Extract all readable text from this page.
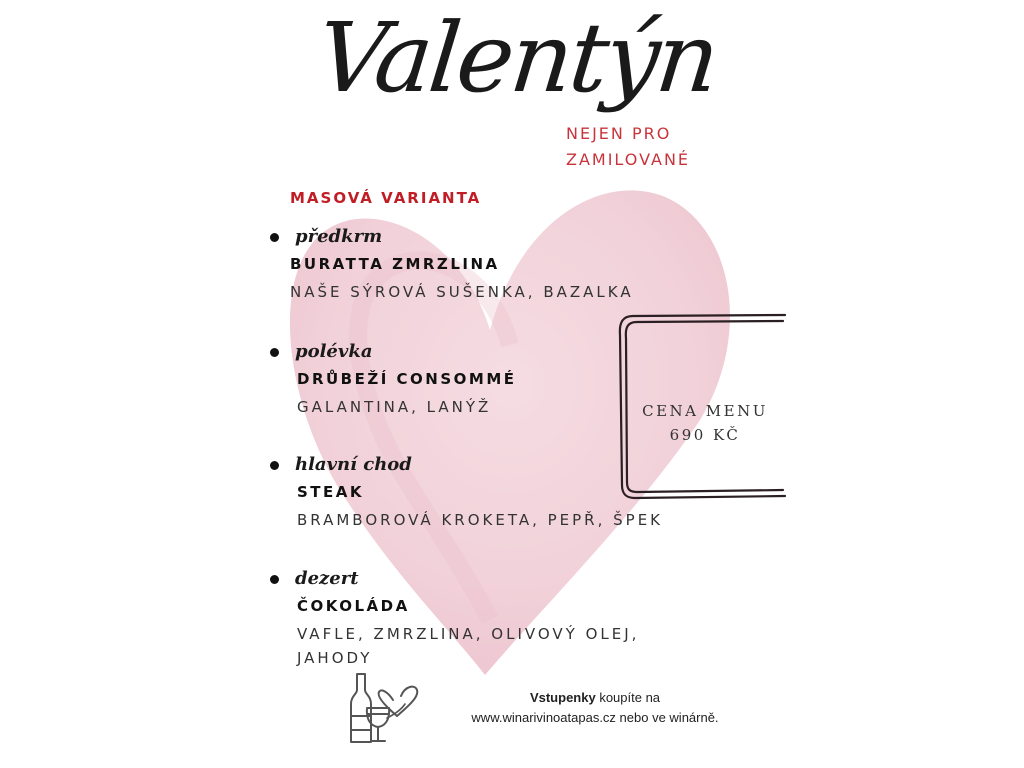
Valentýn
NEJEN PRO
ZAMILOVANÉ
MASOVÁ VARIANTA
předkrm
BURATTA ZMRZLINA
NAŠE SÝROVÁ SUŠENKA, BAZALKA
polévka
DRŮBEŽÍ CONSOMMÉ
GALANTINA, LANÝŽ
hlavní chod
STEAK
BRAMBOROVÁ KROKETA, PEPŘ, ŠPEK
dezert
ČOKOLÁDA
VAFLE, ZMRZLINA, OLIVOVÝ OLEJ,
JAHODY
CENA MENU
690 KČ
Vstupenky koupíte na
www.winarivinoatapas.cz nebo ve winárně.
